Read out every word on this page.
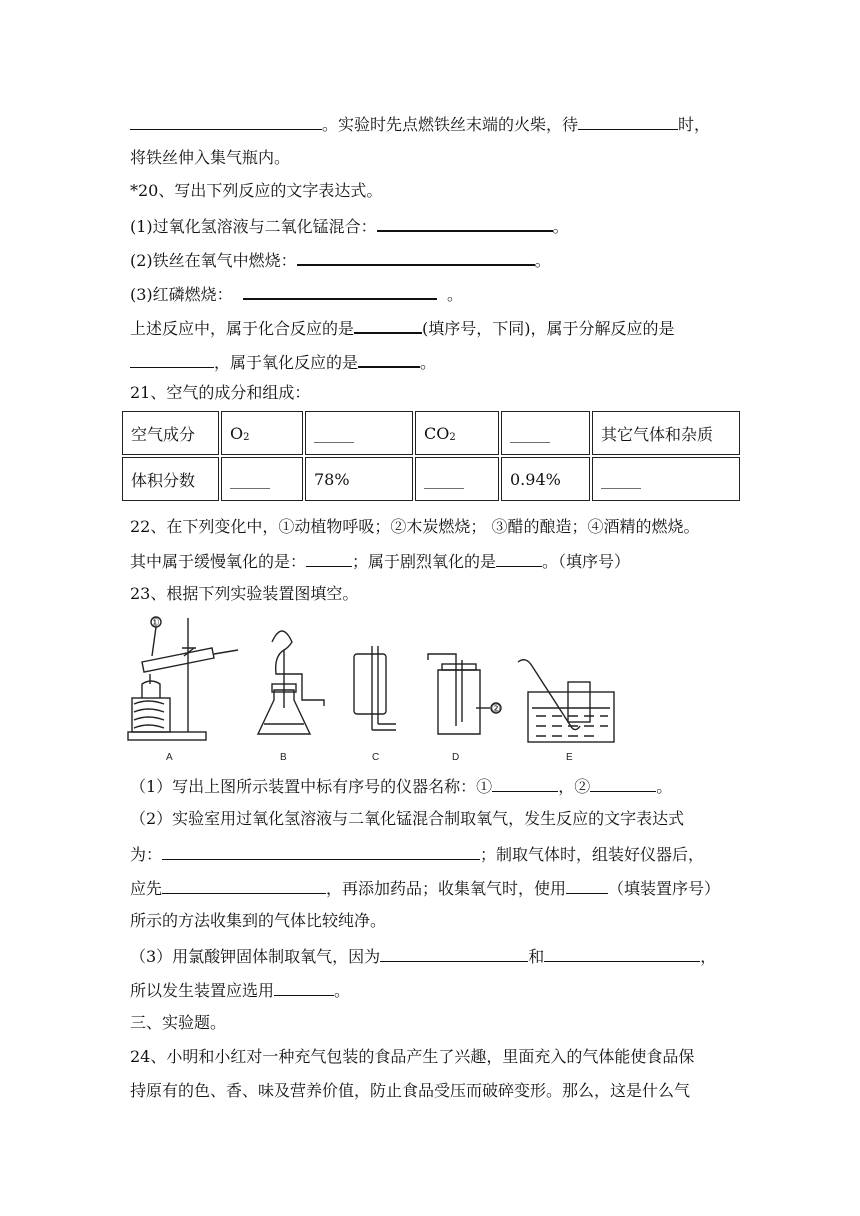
。实验时先点燃铁丝末端的火柴，待	时，
将铁丝伸入集气瓶内。
*20、写出下列反应的文字表达式。
(1)过氧化氢溶液与二氧化锰混合：	。
(2)铁丝在氧气中燃烧：	。
(3)红磷燃烧：	。
上述反应中，属于化合反应的是	(填序号，下同)，属于分解反应的是
，属于氧化反应的是	。
21、空气的成分和组成：
空气成分	$O_2$	_____	$CO_2$	_____	其它气体和杂质
体积分数	_____	78%	_____	0.94%	_____
22、在下列变化中，①动植物呼吸；②木炭燃烧； ③醋的酿造；④酒精的燃烧。
其中属于缓慢氧化的是：	；属于剧烈氧化的是	。（填序号）
23、根据下列实验装置图填空。
A	B	C	D	E
①
②
（1）写出上图所示装置中标有序号的仪器名称：①	，②	。
（2）实验室用过氧化氢溶液与二氧化锰混合制取氧气，发生反应的文字表达式
为：	；制取气体时，组装好仪器后，
应先	，再添加药品；收集氧气时，使用	（填装置序号）
所示的方法收集到的气体比较纯净。
（3）用氯酸钾固体制取氧气，因为	和	，
所以发生装置应选用	。
三、实验题。
24、小明和小红对一种充气包装的食品产生了兴趣，里面充入的气体能使食品保
持原有的色、香、味及营养价值，防止食品受压而破碎变形。那么，这是什么气
